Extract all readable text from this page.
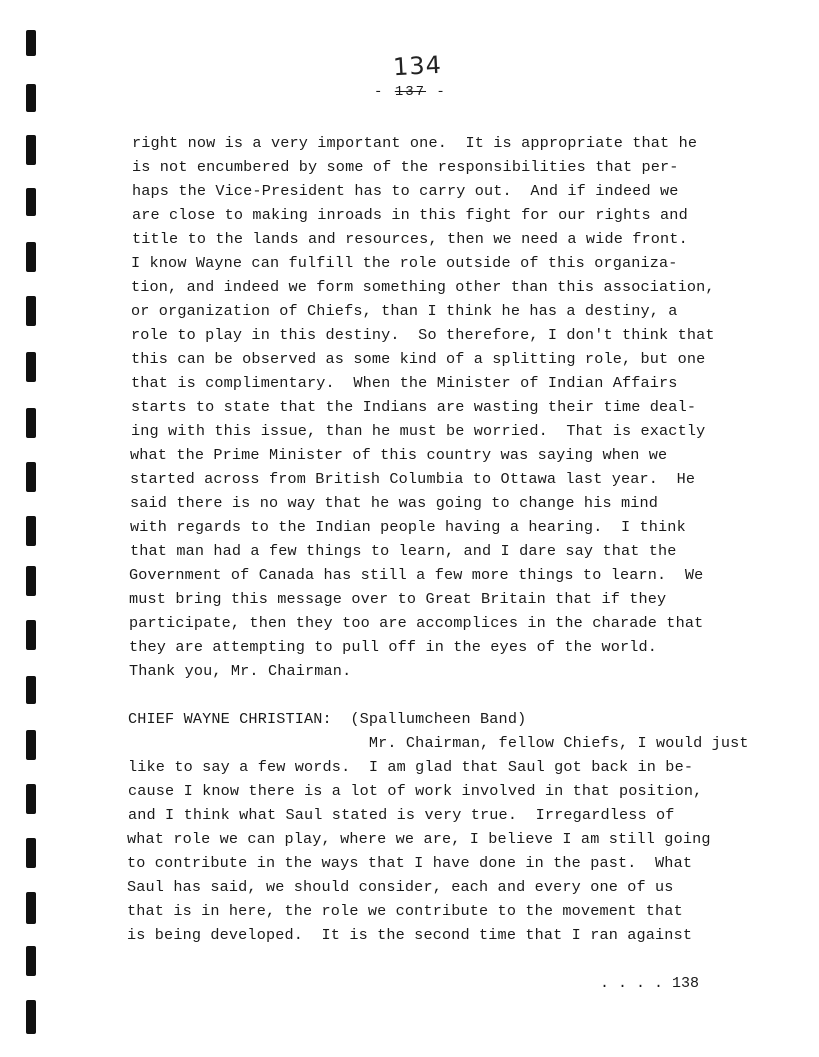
134
- 137 -
right now is a very important one.  It is appropriate that he
is not encumbered by some of the responsibilities that per-
haps the Vice-President has to carry out.  And if indeed we
are close to making inroads in this fight for our rights and
title to the lands and resources, then we need a wide front.
I know Wayne can fulfill the role outside of this organiza-
tion, and indeed we form something other than this association,
or organization of Chiefs, than I think he has a destiny, a
role to play in this destiny.  So therefore, I don't think that
this can be observed as some kind of a splitting role, but one
that is complimentary.  When the Minister of Indian Affairs
starts to state that the Indians are wasting their time deal-
ing with this issue, than he must be worried.  That is exactly
what the Prime Minister of this country was saying when we
started across from British Columbia to Ottawa last year.  He
said there is no way that he was going to change his mind
with regards to the Indian people having a hearing.  I think
that man had a few things to learn, and I dare say that the
Government of Canada has still a few more things to learn.  We
must bring this message over to Great Britain that if they
participate, then they too are accomplices in the charade that
they are attempting to pull off in the eyes of the world.
Thank you, Mr. Chairman.
CHIEF WAYNE CHRISTIAN:  (Spallumcheen Band)
Mr. Chairman, fellow Chiefs, I would just
like to say a few words.  I am glad that Saul got back in be-
cause I know there is a lot of work involved in that position,
and I think what Saul stated is very true.  Irregardless of
what role we can play, where we are, I believe I am still going
to contribute in the ways that I have done in the past.  What
Saul has said, we should consider, each and every one of us
that is in here, the role we contribute to the movement that
is being developed.  It is the second time that I ran against
. . . . 138
